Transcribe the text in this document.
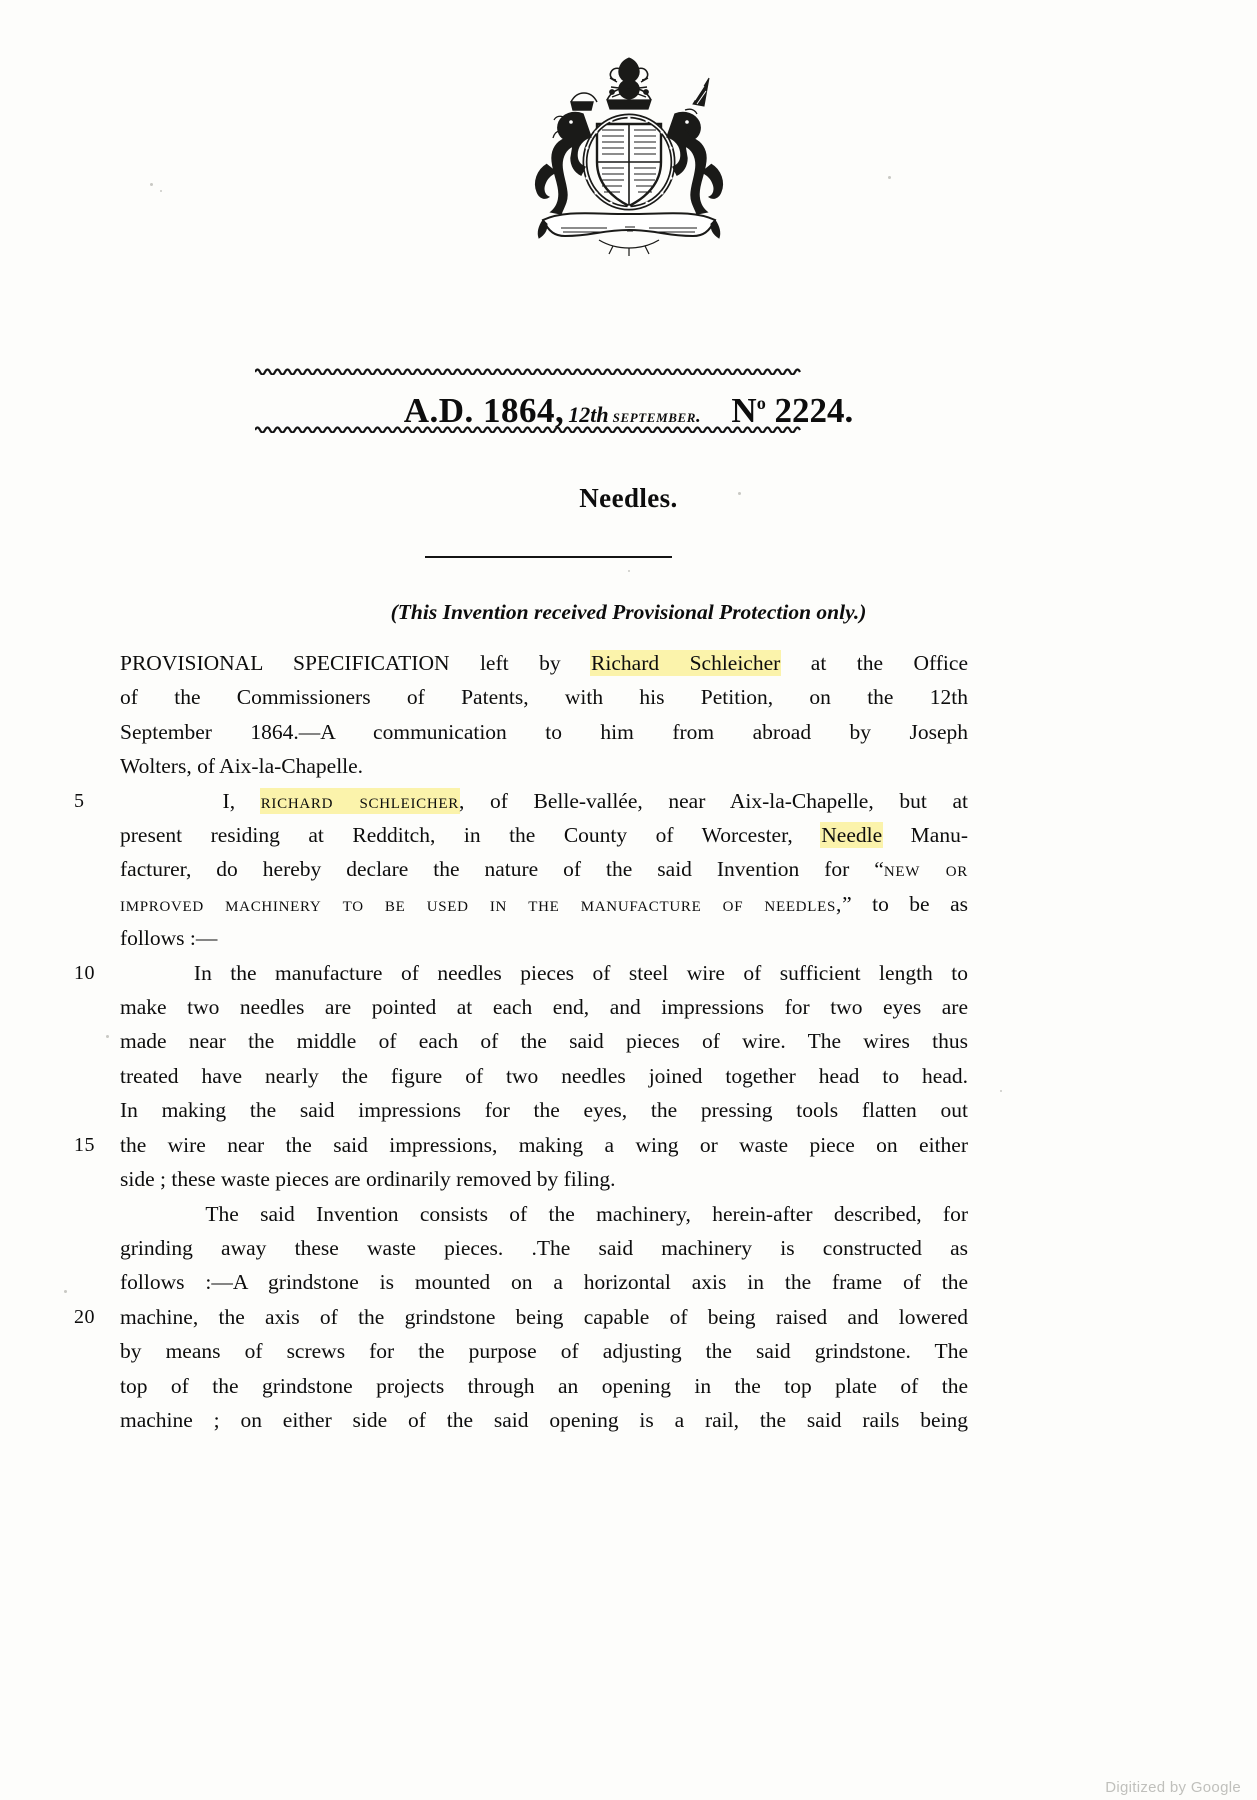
A.D. 1864, 12th september. $N^o$ 2224.
Needles.
(This Invention received Provisional Protection only.)
PROVISIONAL SPECIFICATION left by Richard Schleicher at the Office
of the Commissioners of Patents, with his Petition, on the 12th
September 1864.—A communication to him from abroad by Joseph
Wolters, of Aix-la-Chapelle.
5	I, richard schleicher, of Belle-vallée, near Aix-la-Chapelle, but at
present residing at Redditch, in the County of Worcester, Needle Manu-
facturer, do hereby declare the nature of the said Invention for “new or
improved machinery to be used in the manufacture of needles,” to be as
follows :—
10	In the manufacture of needles pieces of steel wire of sufficient length to
make two needles are pointed at each end, and impressions for two eyes are
made near the middle of each of the said pieces of wire. The wires thus
treated have nearly the figure of two needles joined together head to head.
In making the said impressions for the eyes, the pressing tools flatten out
15	the wire near the said impressions, making a wing or waste piece on either
side ; these waste pieces are ordinarily removed by filing.
The said Invention consists of the machinery, herein-after described, for
grinding away these waste pieces. .The said machinery is constructed as
follows :—A grindstone is mounted on a horizontal axis in the frame of the
20	machine, the axis of the grindstone being capable of being raised and lowered
by means of screws for the purpose of adjusting the said grindstone. The
top of the grindstone projects through an opening in the top plate of the
machine ; on either side of the said opening is a rail, the said rails being
Digitized by Google
